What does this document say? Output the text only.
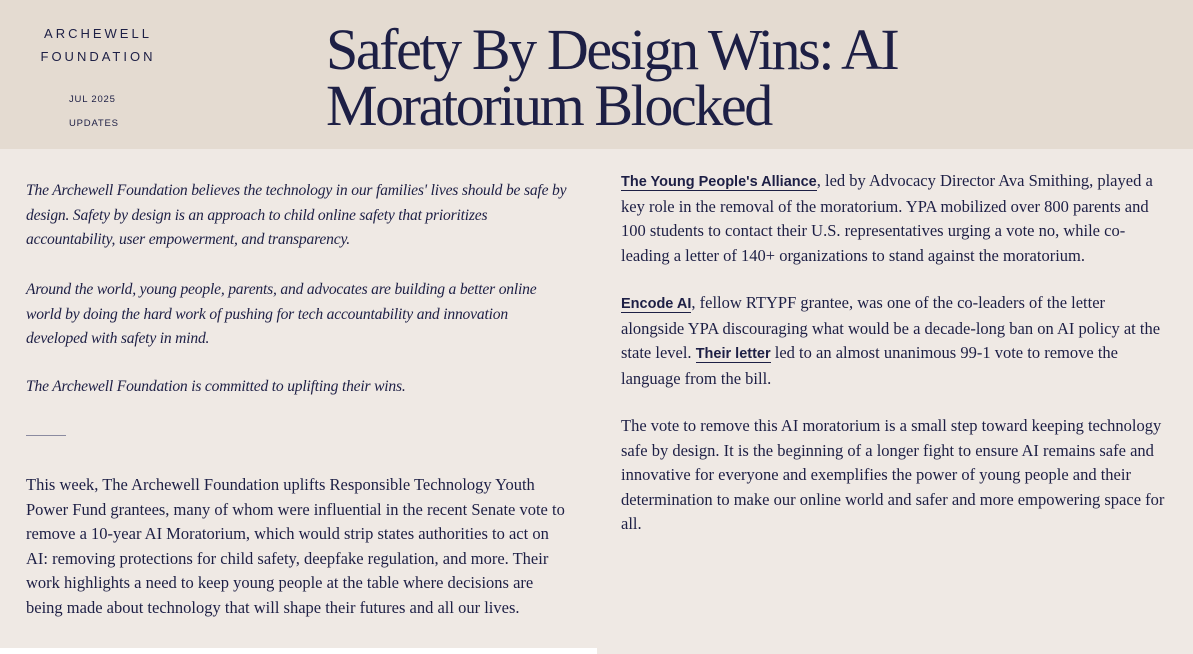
ARCHEWELL
FOUNDATION
JUL 2025
UPDATES
Safety By Design Wins: AI Moratorium Blocked
The Archewell Foundation believes the technology in our families' lives should be safe by design. Safety by design is an approach to child online safety that prioritizes accountability, user empowerment, and transparency.
Around the world, young people, parents, and advocates are building a better online world by doing the hard work of pushing for tech accountability and innovation developed with safety in mind.
The Archewell Foundation is committed to uplifting their wins.
This week, The Archewell Foundation uplifts Responsible Technology Youth Power Fund grantees, many of whom were influential in the recent Senate vote to remove a 10-year AI Moratorium, which would strip states authorities to act on AI: removing protections for child safety, deepfake regulation, and more. Their work highlights a need to keep young people at the table where decisions are being made about technology that will shape their futures and all our lives.
The Young People's Alliance, led by Advocacy Director Ava Smithing, played a key role in the removal of the moratorium. YPA mobilized over 800 parents and 100 students to contact their U.S. representatives urging a vote no, while co-leading a letter of 140+ organizations to stand against the moratorium.
Encode AI, fellow RTYPF grantee, was one of the co-leaders of the letter alongside YPA discouraging what would be a decade-long ban on AI policy at the state level. Their letter led to an almost unanimous 99-1 vote to remove the language from the bill.
The vote to remove this AI moratorium is a small step toward keeping technology safe by design. It is the beginning of a longer fight to ensure AI remains safe and innovative for everyone and exemplifies the power of young people and their determination to make our online world and safer and more empowering space for all.
